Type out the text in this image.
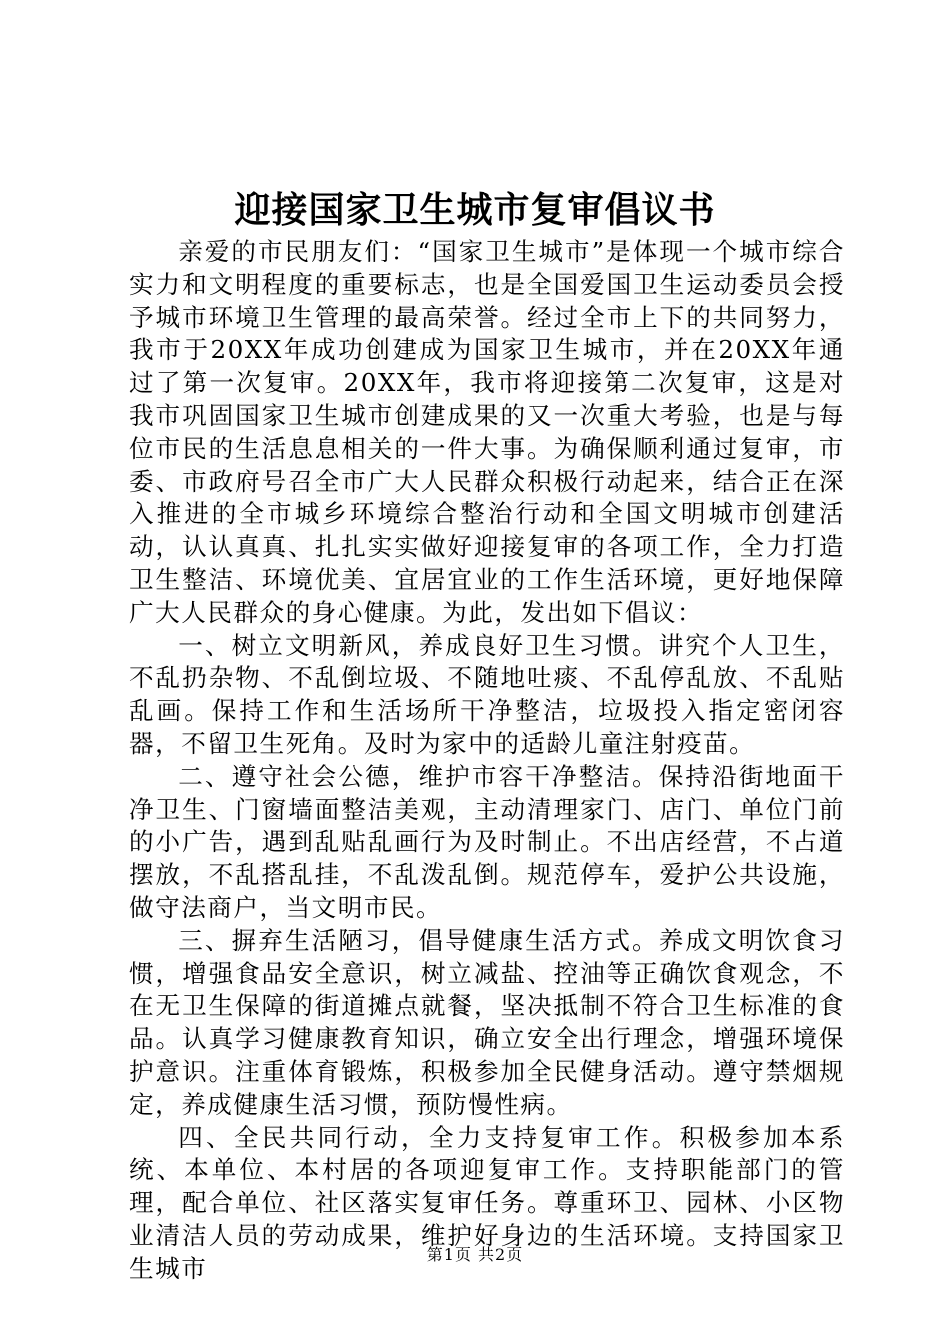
迎接国家卫生城市复审倡议书

亲爱的市民朋友们：“国家卫生城市”是体现一个城市综合实力和文明程度的重要标志，也是全国爱国卫生运动委员会授予城市环境卫生管理的最高荣誉。经过全市上下的共同努力，我市于20XX年成功创建成为国家卫生城市，并在20XX年通过了第一次复审。20XX年，我市将迎接第二次复审，这是对我市巩固国家卫生城市创建成果的又一次重大考验，也是与每位市民的生活息息相关的一件大事。为确保顺利通过复审，市委、市政府号召全市广大人民群众积极行动起来，结合正在深入推进的全市城乡环境综合整治行动和全国文明城市创建活动，认认真真、扎扎实实做好迎接复审的各项工作，全力打造卫生整洁、环境优美、宜居宜业的工作生活环境，更好地保障广大人民群众的身心健康。为此，发出如下倡议：

一、树立文明新风，养成良好卫生习惯。讲究个人卫生，不乱扔杂物、不乱倒垃圾、不随地吐痰、不乱停乱放、不乱贴乱画。保持工作和生活场所干净整洁，垃圾投入指定密闭容器，不留卫生死角。及时为家中的适龄儿童注射疫苗。

二、遵守社会公德，维护市容干净整洁。保持沿街地面干净卫生、门窗墙面整洁美观，主动清理家门、店门、单位门前的小广告，遇到乱贴乱画行为及时制止。不出店经营，不占道摆放，不乱搭乱挂，不乱泼乱倒。规范停车，爱护公共设施，做守法商户，当文明市民。

三、摒弃生活陋习，倡导健康生活方式。养成文明饮食习惯，增强食品安全意识，树立减盐、控油等正确饮食观念，不在无卫生保障的街道摊点就餐，坚决抵制不符合卫生标准的食品。认真学习健康教育知识，确立安全出行理念，增强环境保护意识。注重体育锻炼，积极参加全民健身活动。遵守禁烟规定，养成健康生活习惯，预防慢性病。

四、全民共同行动，全力支持复审工作。积极参加本系统、本单位、本村居的各项迎复审工作。支持职能部门的管理，配合单位、社区落实复审任务。尊重环卫、园林、小区物业清洁人员的劳动成果，维护好身边的生活环境。支持国家卫生城市	第1页 共2页
